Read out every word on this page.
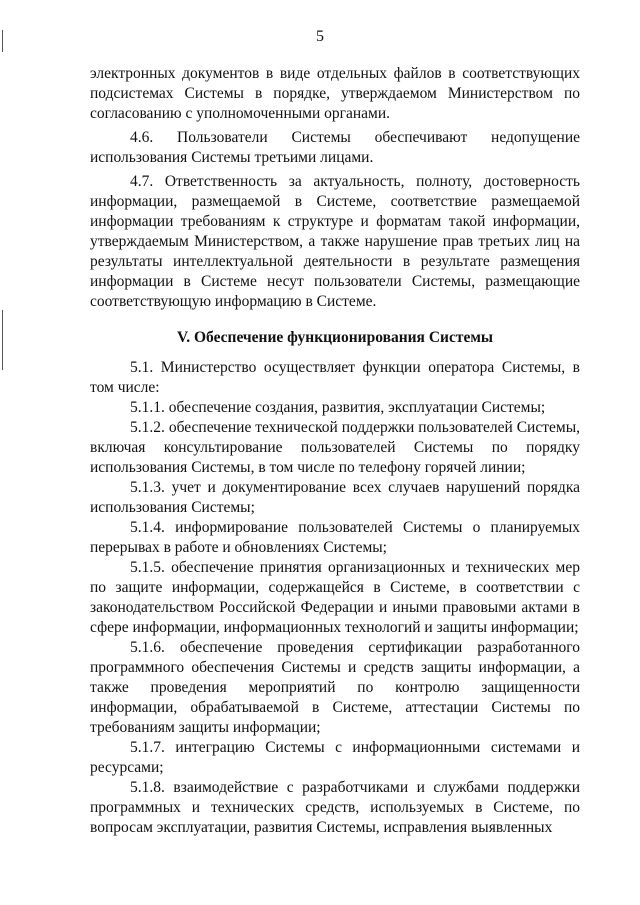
5

электронных документов в виде отдельных файлов в соответствующих подсистемах Системы в порядке, утверждаемом Министерством по согласованию с уполномоченными органами.

4.6. Пользователи Системы обеспечивают недопущение использования Системы третьими лицами.

4.7. Ответственность за актуальность, полноту, достоверность информации, размещаемой в Системе, соответствие размещаемой информации требованиям к структуре и форматам такой информации, утверждаемым Министерством, а также нарушение прав третьих лиц на результаты интеллектуальной деятельности в результате размещения информации в Системе несут пользователи Системы, размещающие соответствующую информацию в Системе.

V. Обеспечение функционирования Системы

5.1. Министерство осуществляет функции оператора Системы, в том числе:

5.1.1. обеспечение создания, развития, эксплуатации Системы;

5.1.2. обеспечение технической поддержки пользователей Системы, включая консультирование пользователей Системы по порядку использования Системы, в том числе по телефону горячей линии;

5.1.3. учет и документирование всех случаев нарушений порядка использования Системы;

5.1.4. информирование пользователей Системы о планируемых перерывах в работе и обновлениях Системы;

5.1.5. обеспечение принятия организационных и технических мер по защите информации, содержащейся в Системе, в соответствии с законодательством Российской Федерации и иными правовыми актами в сфере информации, информационных технологий и защиты информации;

5.1.6. обеспечение проведения сертификации разработанного программного обеспечения Системы и средств защиты информации, а также проведения мероприятий по контролю защищенности информации, обрабатываемой в Системе, аттестации Системы по требованиям защиты информации;

5.1.7. интеграцию Системы с информационными системами и ресурсами;

5.1.8. взаимодействие с разработчиками и службами поддержки программных и технических средств, используемых в Системе, по вопросам эксплуатации, развития Системы, исправления выявленных
